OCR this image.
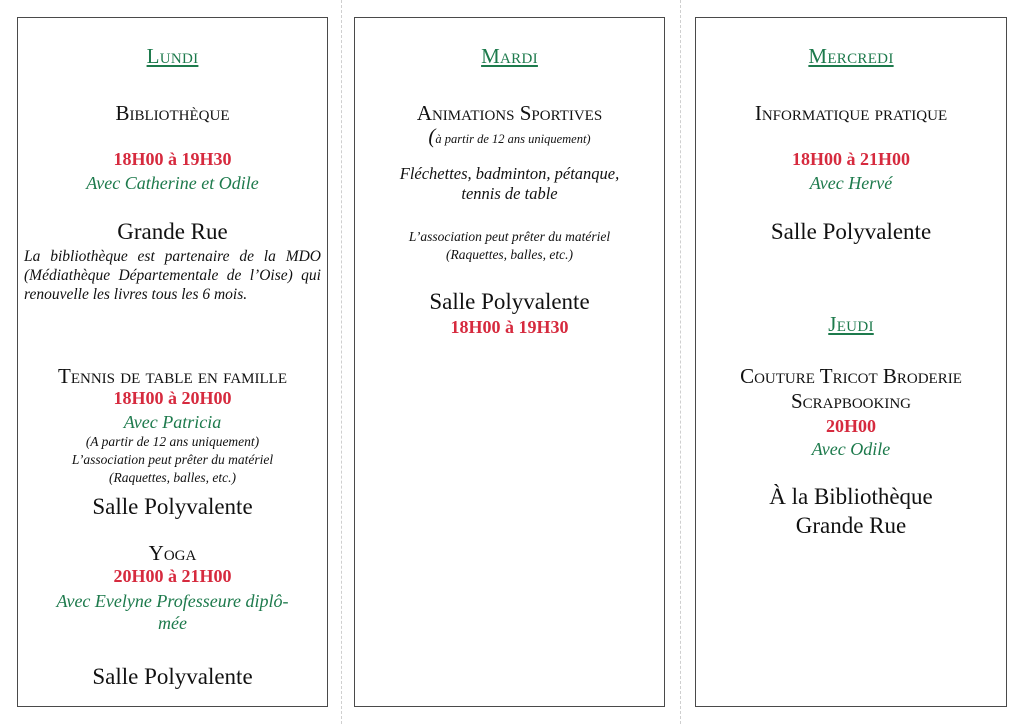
Lundi
Bibliothèque
18H00 à 19H30
Avec Catherine et Odile
Grande Rue
La bibliothèque est partenaire de la MDO (Médiathèque Départementale de l’Oise) qui renouvelle les livres tous les 6 mois.
Tennis de table en famille
18H00 à 20H00
Avec Patricia
(A partir de 12 ans uniquement)
L’association peut prêter du matériel
(Raquettes, balles, etc.)
Salle Polyvalente
Yoga
20H00 à 21H00
Avec Evelyne Professeure diplô-
mée
Salle Polyvalente
Mardi
Animations Sportives
(à partir de 12 ans uniquement)
Fléchettes, badminton, pétanque,
tennis de table
L’association peut prêter du matériel
(Raquettes, balles, etc.)
Salle Polyvalente
18H00 à 19H30
Mercredi
Informatique pratique
18H00 à 21H00
Avec Hervé
Salle Polyvalente
Jeudi
Couture Tricot Broderie
Scrapbooking
20H00
Avec Odile
À la Bibliothèque
Grande Rue
